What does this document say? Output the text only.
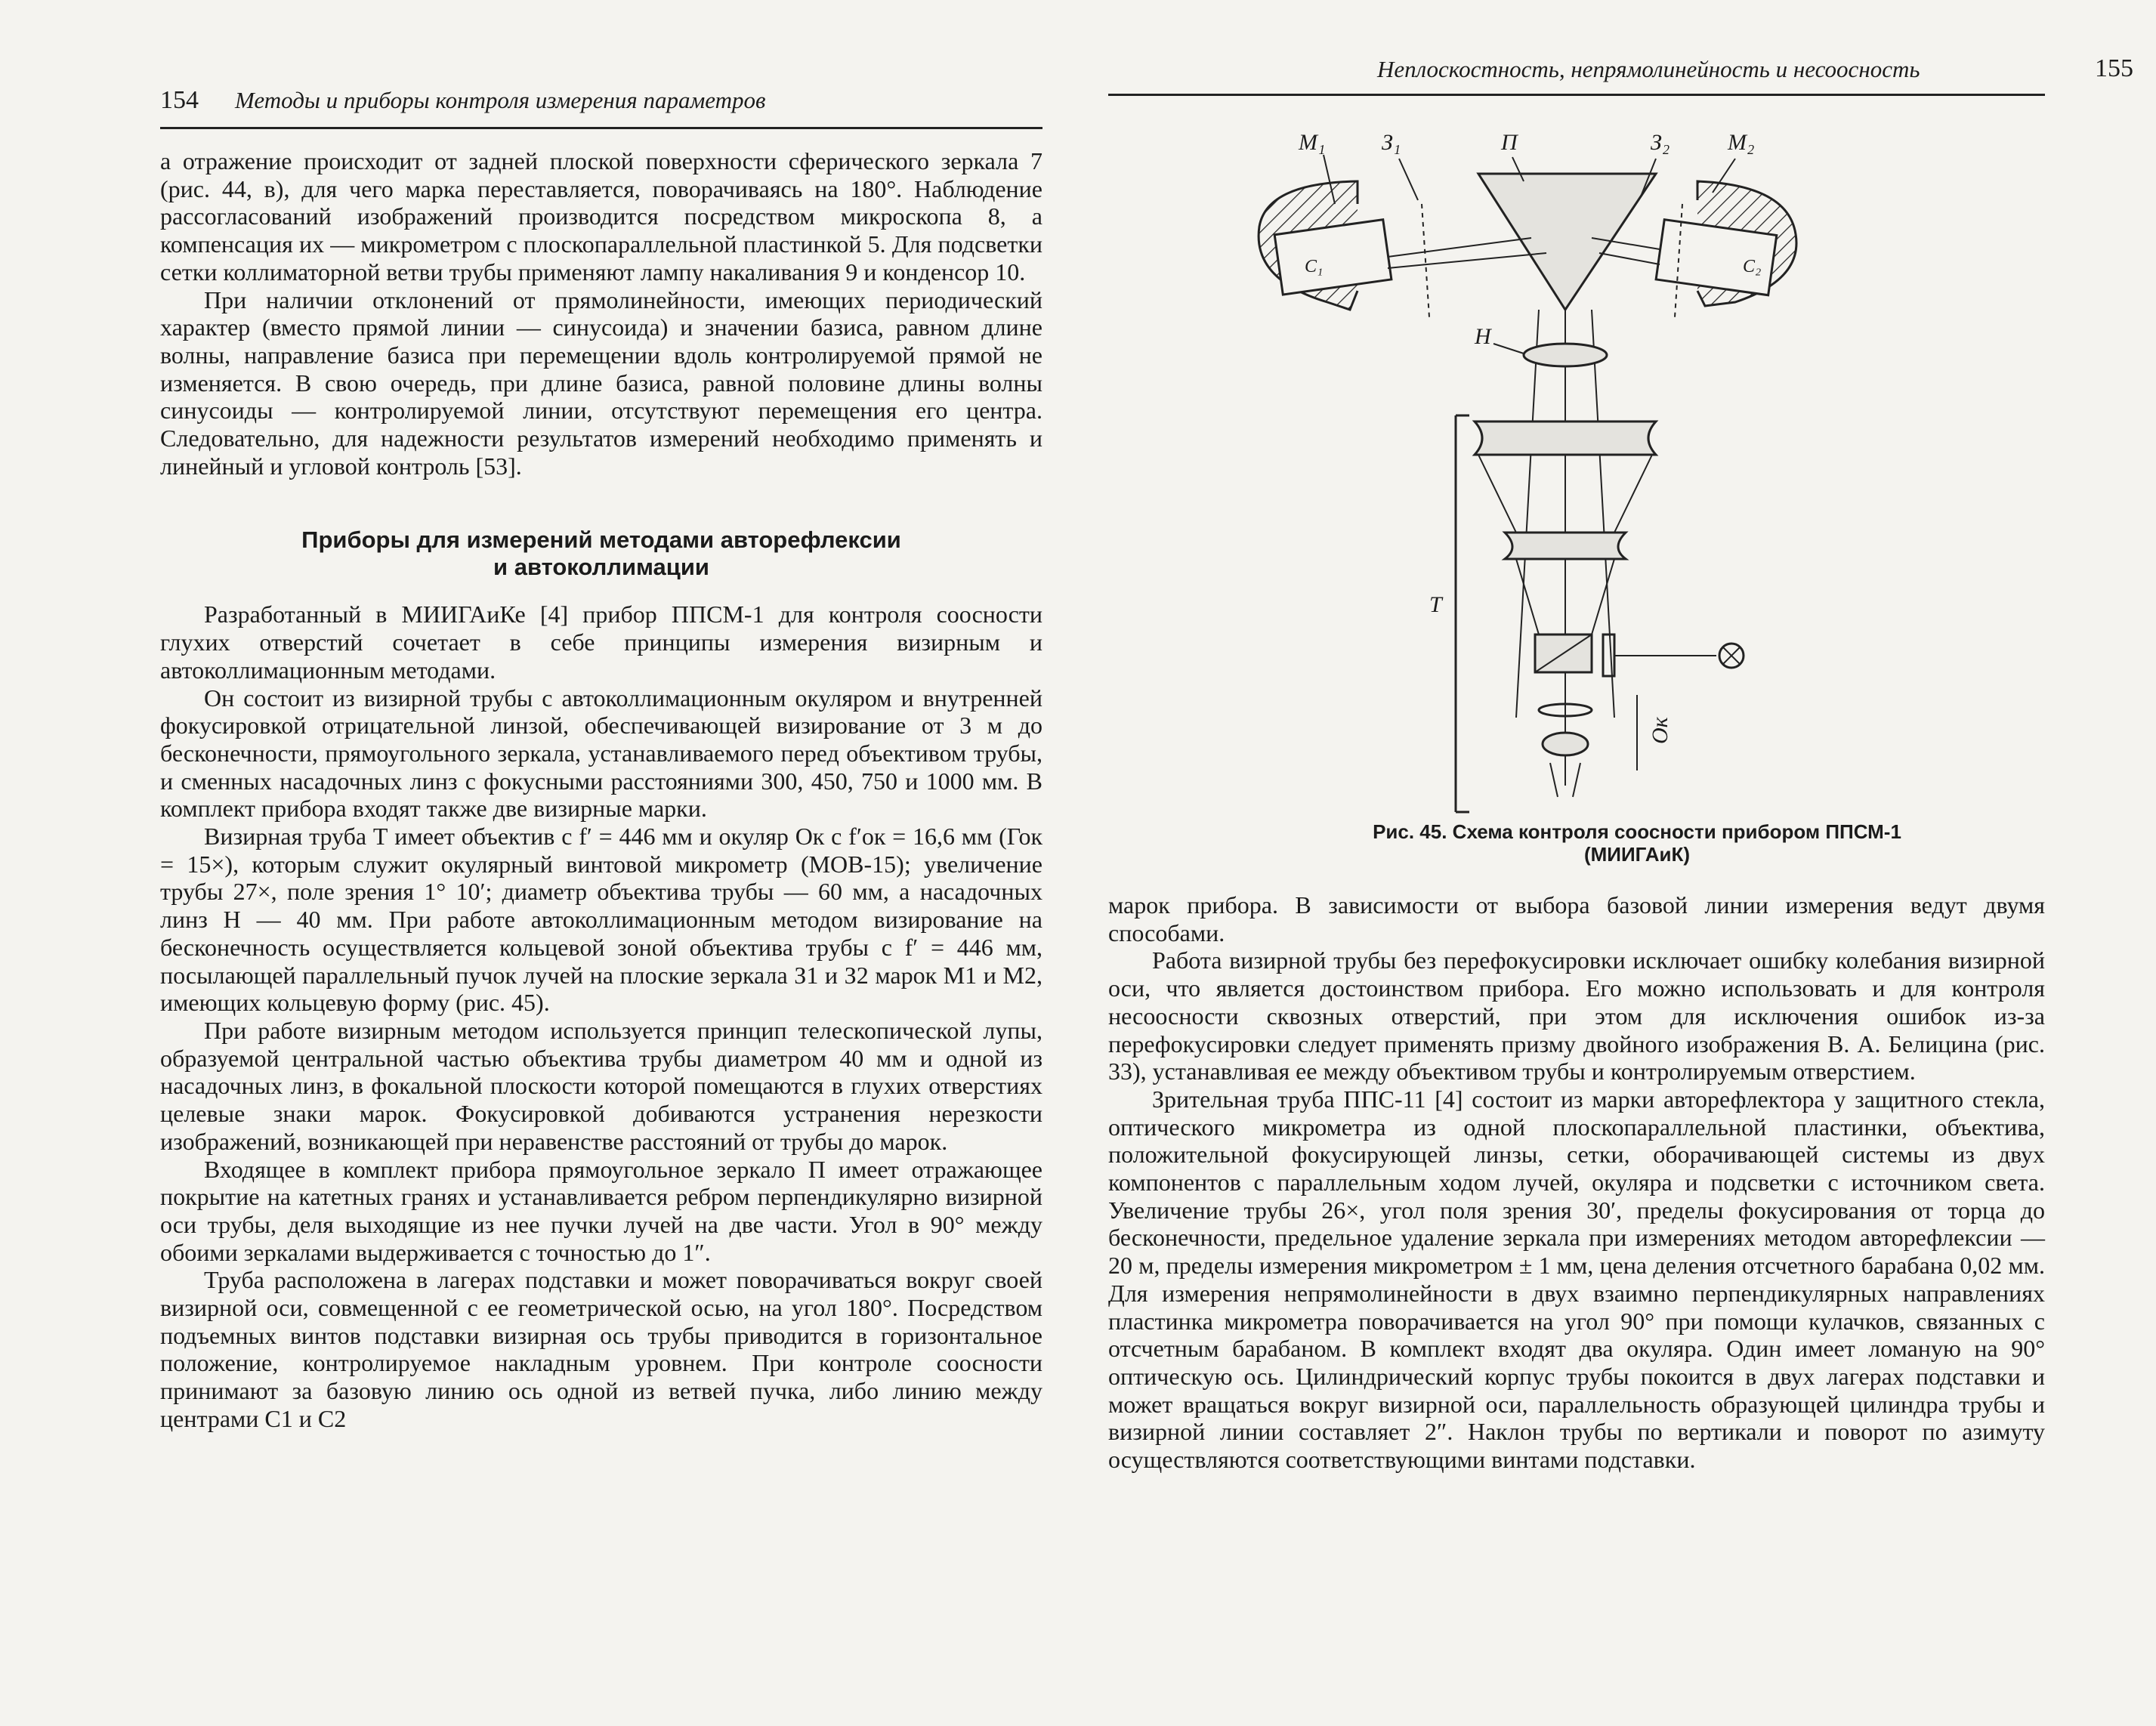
154 Методы и приборы контроля измерения параметров

а отражение происходит от задней плоской поверхности сферического зеркала 7 (рис. 44, в), для чего марка переставляется, поворачиваясь на 180°. Наблюдение рассогласований изображений производится посредством микроскопа 8, а компенсация их — микрометром с плоскопараллельной пластинкой 5. Для подсветки сетки коллиматорной ветви трубы применяют лампу накаливания 9 и конденсор 10.

При наличии отклонений от прямолинейности, имеющих периодический характер (вместо прямой линии — синусоида) и значении базиса, равном длине волны, направление базиса при перемещении вдоль контролируемой прямой не изменяется. В свою очередь, при длине базиса, равной половине длины волны синусоиды — контролируемой линии, отсутствуют перемещения его центра. Следовательно, для надежности результатов измерений необходимо применять и линейный и угловой контроль [53].

Приборы для измерений методами авторефлексии

и автоколлимации

Разработанный в МИИГАиКе [4] прибор ППСМ-1 для контроля соосности глухих отверстий сочетает в себе принципы измерения визирным и автоколлимационным методами.

Он состоит из визирной трубы с автоколлимационным окуляром и внутренней фокусировкой отрицательной линзой, обеспечивающей визирование от 3 м до бесконечности, прямоугольного зеркала, устанавливаемого перед объективом трубы, и сменных насадочных линз с фокусными расстояниями 300, 450, 750 и 1000 мм. В комплект прибора входят также две визирные марки.

Визирная труба Т имеет объектив с f′ = 446 мм и окуляр Ок с f′ок = 16,6 мм (Гок = 15×), которым служит окулярный винтовой микрометр (МОВ-15); увеличение трубы 27×, поле зрения 1° 10′; диаметр объектива трубы — 60 мм, а насадочных линз Н — 40 мм. При работе автоколлимационным методом визирование на бесконечность осуществляется кольцевой зоной объектива трубы с f′ = 446 мм, посылающей параллельный пучок лучей на плоские зеркала З1 и З2 марок М1 и М2, имеющих кольцевую форму (рис. 45).

При работе визирным методом используется принцип телескопической лупы, образуемой центральной частью объектива трубы диаметром 40 мм и одной из насадочных линз, в фокальной плоскости которой помещаются в глухих отверстиях целевые знаки марок. Фокусировкой добиваются устранения нерезкости изображений, возникающей при неравенстве расстояний от трубы до марок.

Входящее в комплект прибора прямоугольное зеркало П имеет отражающее покрытие на катетных гранях и устанавливается ребром перпендикулярно визирной оси трубы, деля выходящие из нее пучки лучей на две части. Угол в 90° между обоими зеркалами выдерживается с точностью до 1″.

Труба расположена в лагерах подставки и может поворачиваться вокруг своей визирной оси, совмещенной с ее геометрической осью, на угол 180°. Посредством подъемных винтов подставки визирная ось трубы приводится в горизонтальное положение, контролируемое накладным уровнем. При контроле соосности принимают за базовую линию ось одной из ветвей пучка, либо линию между центрами С1 и С2

Неплоскостность, непрямолинейность и несоосность	155
М₁ З₁	П	З₂	М₂
С₁	С₂
Н
Т
Ок
Рис. 45. Схема контроля соосности прибором ППСМ-1
(МИИГАиК)

марок прибора. В зависимости от выбора базовой линии измерения ведут двумя способами.

Работа визирной трубы без перефокусировки исключает ошибку колебания визирной оси, что является достоинством прибора. Его можно использовать и для контроля несоосности сквозных отверстий, при этом для исключения ошибок из-за перефокусировки следует применять призму двойного изображения В. А. Белицина (рис. 33), устанавливая ее между объективом трубы и контролируемым отверстием.

Зрительная труба ППС-11 [4] состоит из марки авторефлектора у защитного стекла, оптического микрометра из одной плоскопараллельной пластинки, объектива, положительной фокусирующей линзы, сетки, оборачивающей системы из двух компонентов с параллельным ходом лучей, окуляра и подсветки с источником света. Увеличение трубы 26×, угол поля зрения 30′, пределы фокусирования от торца до бесконечности, предельное удаление зеркала при измерениях методом авторефлексии — 20 м, пределы измерения микрометром ± 1 мм, цена деления отсчетного барабана 0,02 мм. Для измерения непрямолинейности в двух взаимно перпендикулярных направлениях пластинка микрометра поворачивается на угол 90° при помощи кулачков, связанных с отсчетным барабаном. В комплект входят два окуляра. Один имеет ломаную на 90° оптическую ось. Цилиндрический корпус трубы покоится в двух лагерах подставки и может вращаться вокруг визирной оси, параллельность образующей цилиндра трубы и визирной линии составляет 2″. Наклон трубы по вертикали и поворот по азимуту осуществляются соответствующими винтами подставки.
